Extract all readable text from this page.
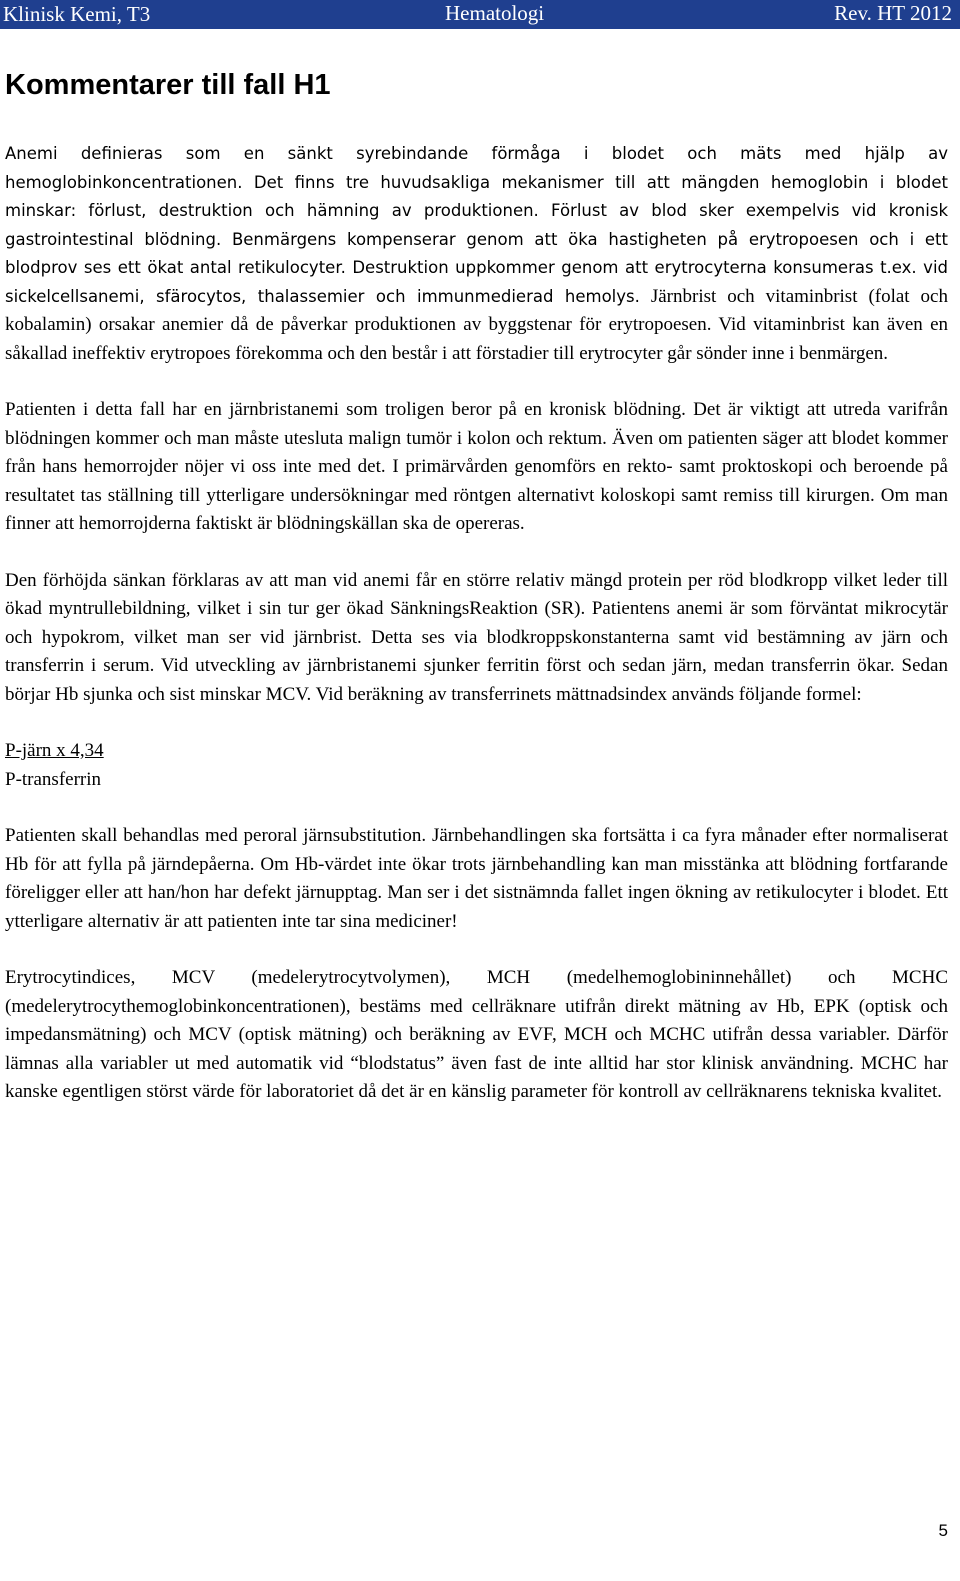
Klinisk Kemi, T3	Hematologi	Rev. HT 2012
Kommentarer till fall H1

Anemi definieras som en sänkt syrebindande förmåga i blodet och mäts med hjälp av hemoglobinkoncentrationen. Det finns tre huvudsakliga mekanismer till att mängden hemoglobin i blodet minskar: förlust, destruktion och hämning av produktionen. Förlust av blod sker exempelvis vid kronisk gastrointestinal blödning. Benmärgens kompenserar genom att öka hastigheten på erytropoesen och i ett blodprov ses ett ökat antal retikulocyter. Destruktion uppkommer genom att erytrocyterna konsumeras t.ex. vid sickelcellsanemi, sfärocytos, thalassemier och immunmedierad hemolys. Järnbrist och vitaminbrist (folat och kobalamin) orsakar anemier då de påverkar produktionen av byggstenar för erytropoesen. Vid vitaminbrist kan även en såkallad ineffektiv erytropoes förekomma och den består i att förstadier till erytrocyter går sönder inne i benmärgen.

Patienten i detta fall har en järnbristanemi som troligen beror på en kronisk blödning. Det är viktigt att utreda varifrån blödningen kommer och man måste utesluta malign tumör i kolon och rektum. Även om patienten säger att blodet kommer från hans hemorrojder nöjer vi oss inte med det. I primärvården genomförs en rekto- samt proktoskopi och beroende på resultatet tas ställning till ytterligare undersökningar med röntgen alternativt koloskopi samt remiss till kirurgen. Om man finner att hemorrojderna faktiskt är blödningskällan ska de opereras.

Den förhöjda sänkan förklaras av att man vid anemi får en större relativ mängd protein per röd blodkropp vilket leder till ökad myntrullebildning, vilket i sin tur ger ökad SänkningsReaktion (SR). Patientens anemi är som förväntat mikrocytär och hypokrom, vilket man ser vid järnbrist. Detta ses via blodkroppskonstanterna samt vid bestämning av järn och transferrin i serum. Vid utveckling av järnbristanemi sjunker ferritin först och sedan järn, medan transferrin ökar. Sedan börjar Hb sjunka och sist minskar MCV. Vid beräkning av transferrinets mättnadsindex används följande formel:

P-järn x 4,34

P-transferrin

Patienten skall behandlas med peroral järnsubstitution. Järnbehandlingen ska fortsätta i ca fyra månader efter normaliserat Hb för att fylla på järndepåerna. Om Hb-värdet inte ökar trots järnbehandling kan man misstänka att blödning fortfarande föreligger eller att han/hon har defekt järnupptag. Man ser i det sistnämnda fallet ingen ökning av retikulocyter i blodet. Ett ytterligare alternativ är att patienten inte tar sina mediciner!

Erytrocytindices, MCV (medelerytrocytvolymen), MCH (medelhemoglobininnehållet) och MCHC (medelerytrocythemoglobinkoncentrationen), bestäms med cellräknare utifrån direkt mätning av Hb, EPK (optisk och impedansmätning) och MCV (optisk mätning) och beräkning av EVF, MCH och MCHC utifrån dessa variabler. Därför lämnas alla variabler ut med automatik vid “blodstatus” även fast de inte alltid har stor klinisk användning. MCHC har kanske egentligen störst värde för laboratoriet då det är en känslig parameter för kontroll av cellräknarens tekniska kvalitet.

5
